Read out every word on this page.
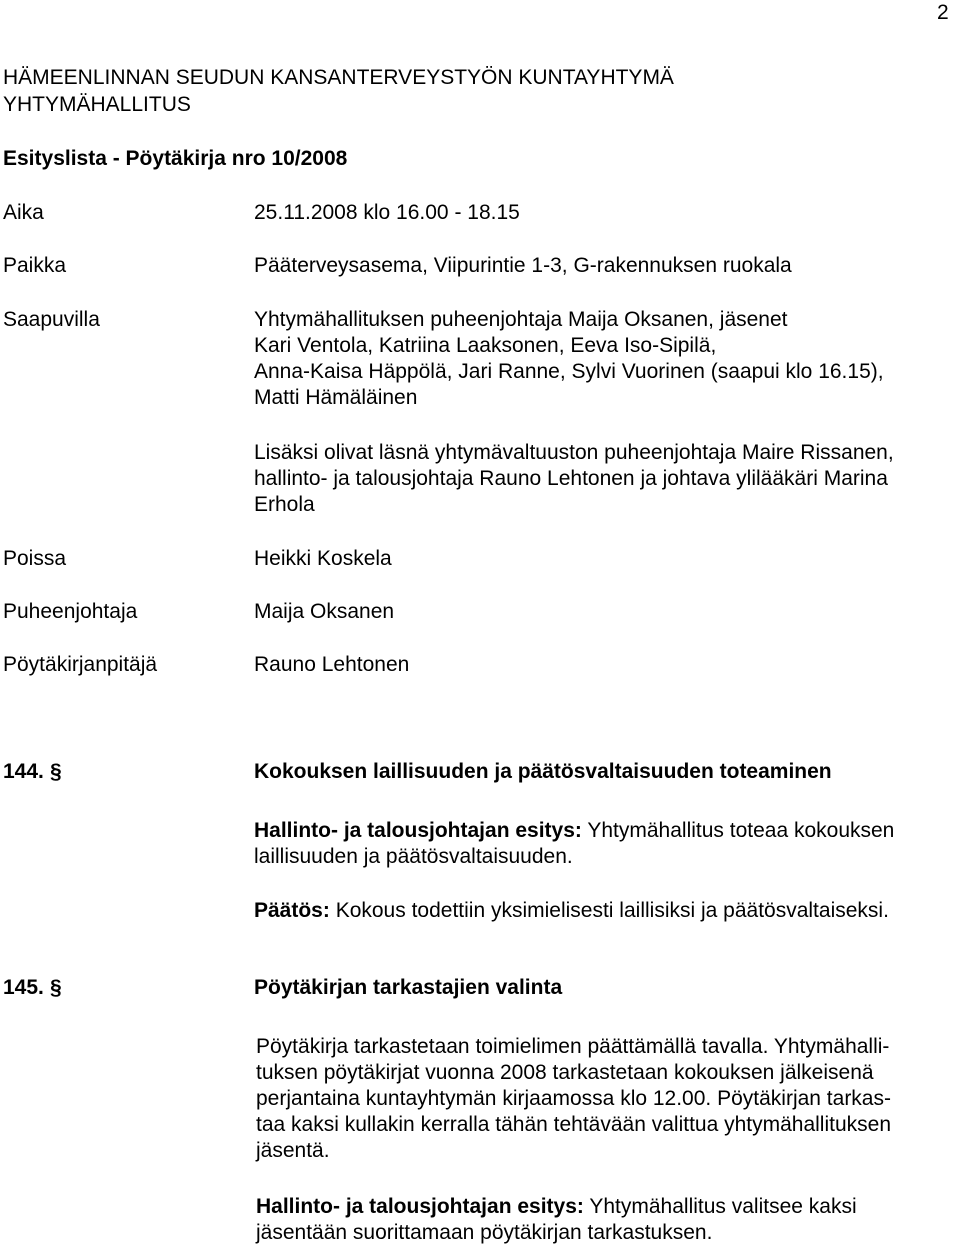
2
HÄMEENLINNAN SEUDUN KANSANTERVEYSTYÖN KUNTAYHTYMÄ
YHTYMÄHALLITUS
Esityslista - Pöytäkirja nro 10/2008
Aika	25.11.2008 klo 16.00 - 18.15
Paikka	Pääterveysasema, Viipurintie 1-3, G-rakennuksen ruokala
Saapuvilla	Yhtymähallituksen puheenjohtaja Maija Oksanen, jäsenet
Kari Ventola, Katriina Laaksonen, Eeva Iso-Sipilä,
Anna-Kaisa Häppölä, Jari Ranne, Sylvi Vuorinen (saapui klo 16.15),
Matti Hämäläinen
Lisäksi olivat läsnä yhtymävaltuuston puheenjohtaja Maire Rissanen,
hallinto- ja talousjohtaja Rauno Lehtonen ja johtava ylilääkäri Marina
Erhola
Poissa	Heikki Koskela
Puheenjohtaja	Maija Oksanen
Pöytäkirjanpitäjä	Rauno Lehtonen
144. §	Kokouksen laillisuuden ja päätösvaltaisuuden toteaminen
Hallinto- ja talousjohtajan esitys: Yhtymähallitus toteaa kokouksen
laillisuuden ja päätösvaltaisuuden.
Päätös: Kokous todettiin yksimielisesti laillisiksi ja päätösvaltaiseksi.
145. §	Pöytäkirjan tarkastajien valinta
Pöytäkirja tarkastetaan toimielimen päättämällä tavalla. Yhtymähalli-
tuksen pöytäkirjat vuonna 2008 tarkastetaan kokouksen jälkeisenä
perjantaina kuntayhtymän kirjaamossa klo 12.00. Pöytäkirjan tarkas-
taa kaksi kullakin kerralla tähän tehtävään valittua yhtymähallituksen
jäsentä.
Hallinto- ja talousjohtajan esitys: Yhtymähallitus valitsee kaksi
jäsentään suorittamaan pöytäkirjan tarkastuksen.
